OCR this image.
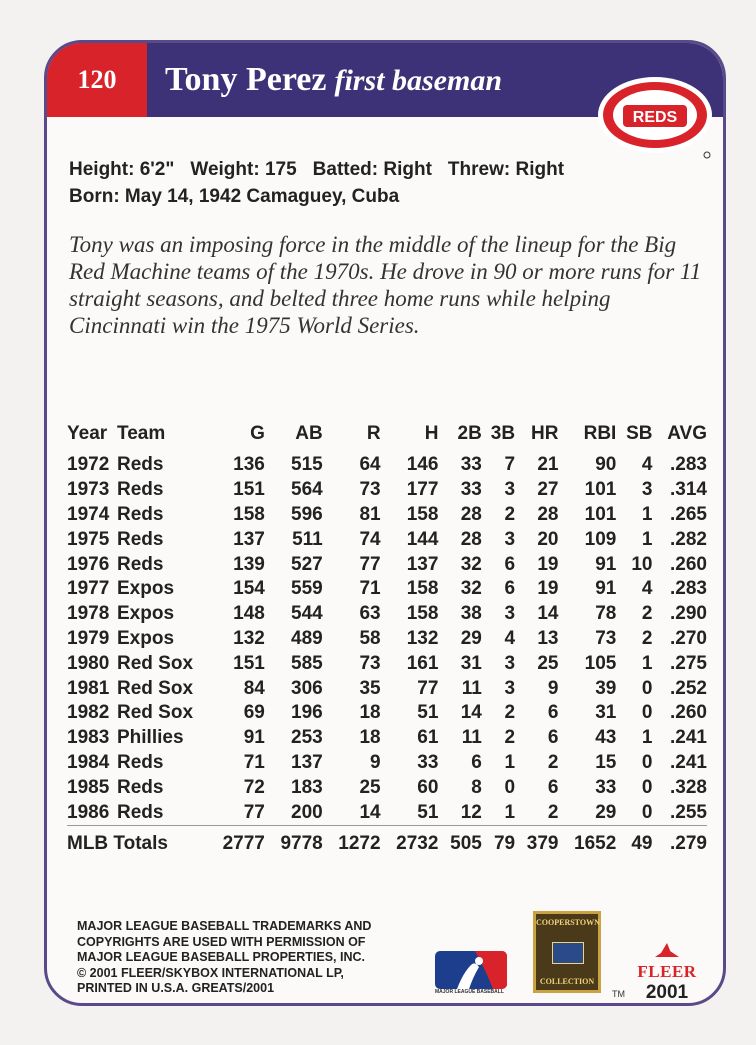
120	Tony Perez first baseman
REDS
Height: 6'2" Weight: 175 Batted: Right Threw: Right
Born: May 14, 1942 Camaguey, Cuba
Tony was an imposing force in the middle of the lineup for the Big Red Machine teams of the 1970s. He drove in 90 or more runs for 11 straight seasons, and belted three home runs while helping Cincinnati win the 1975 World Series.
Year	Team	G	AB	R	H	2B	3B	HR	RBI	SB	AVG
1972	Reds	136	515	64	146	33	7	21	90	4	.283
1973	Reds	151	564	73	177	33	3	27	101	3	.314
1974	Reds	158	596	81	158	28	2	28	101	1	.265
1975	Reds	137	511	74	144	28	3	20	109	1	.282
1976	Reds	139	527	77	137	32	6	19	91	10	.260
1977	Expos	154	559	71	158	32	6	19	91	4	.283
1978	Expos	148	544	63	158	38	3	14	78	2	.290
1979	Expos	132	489	58	132	29	4	13	73	2	.270
1980	Red Sox	151	585	73	161	31	3	25	105	1	.275
1981	Red Sox	84	306	35	77	11	3	9	39	0	.252
1982	Red Sox	69	196	18	51	14	2	6	31	0	.260
1983	Phillies	91	253	18	61	11	2	6	43	1	.241
1984	Reds	71	137	9	33	6	1	2	15	0	.241
1985	Reds	72	183	25	60	8	0	6	33	0	.328
1986	Reds	77	200	14	51	12	1	2	29	0	.255
MLB Totals		2777	9778	1272	2732	505	79	379	1652	49	.279
MAJOR LEAGUE BASEBALL TRADEMARKS AND
COPYRIGHTS ARE USED WITH PERMISSION OF
MAJOR LEAGUE BASEBALL PROPERTIES, INC.
© 2001 FLEER/SKYBOX INTERNATIONAL LP,
PRINTED IN U.S.A. GREATS/2001	MAJOR LEAGUE BASEBALL
COOPERSTOWN
COLLECTION
TM
FLEER
2001
